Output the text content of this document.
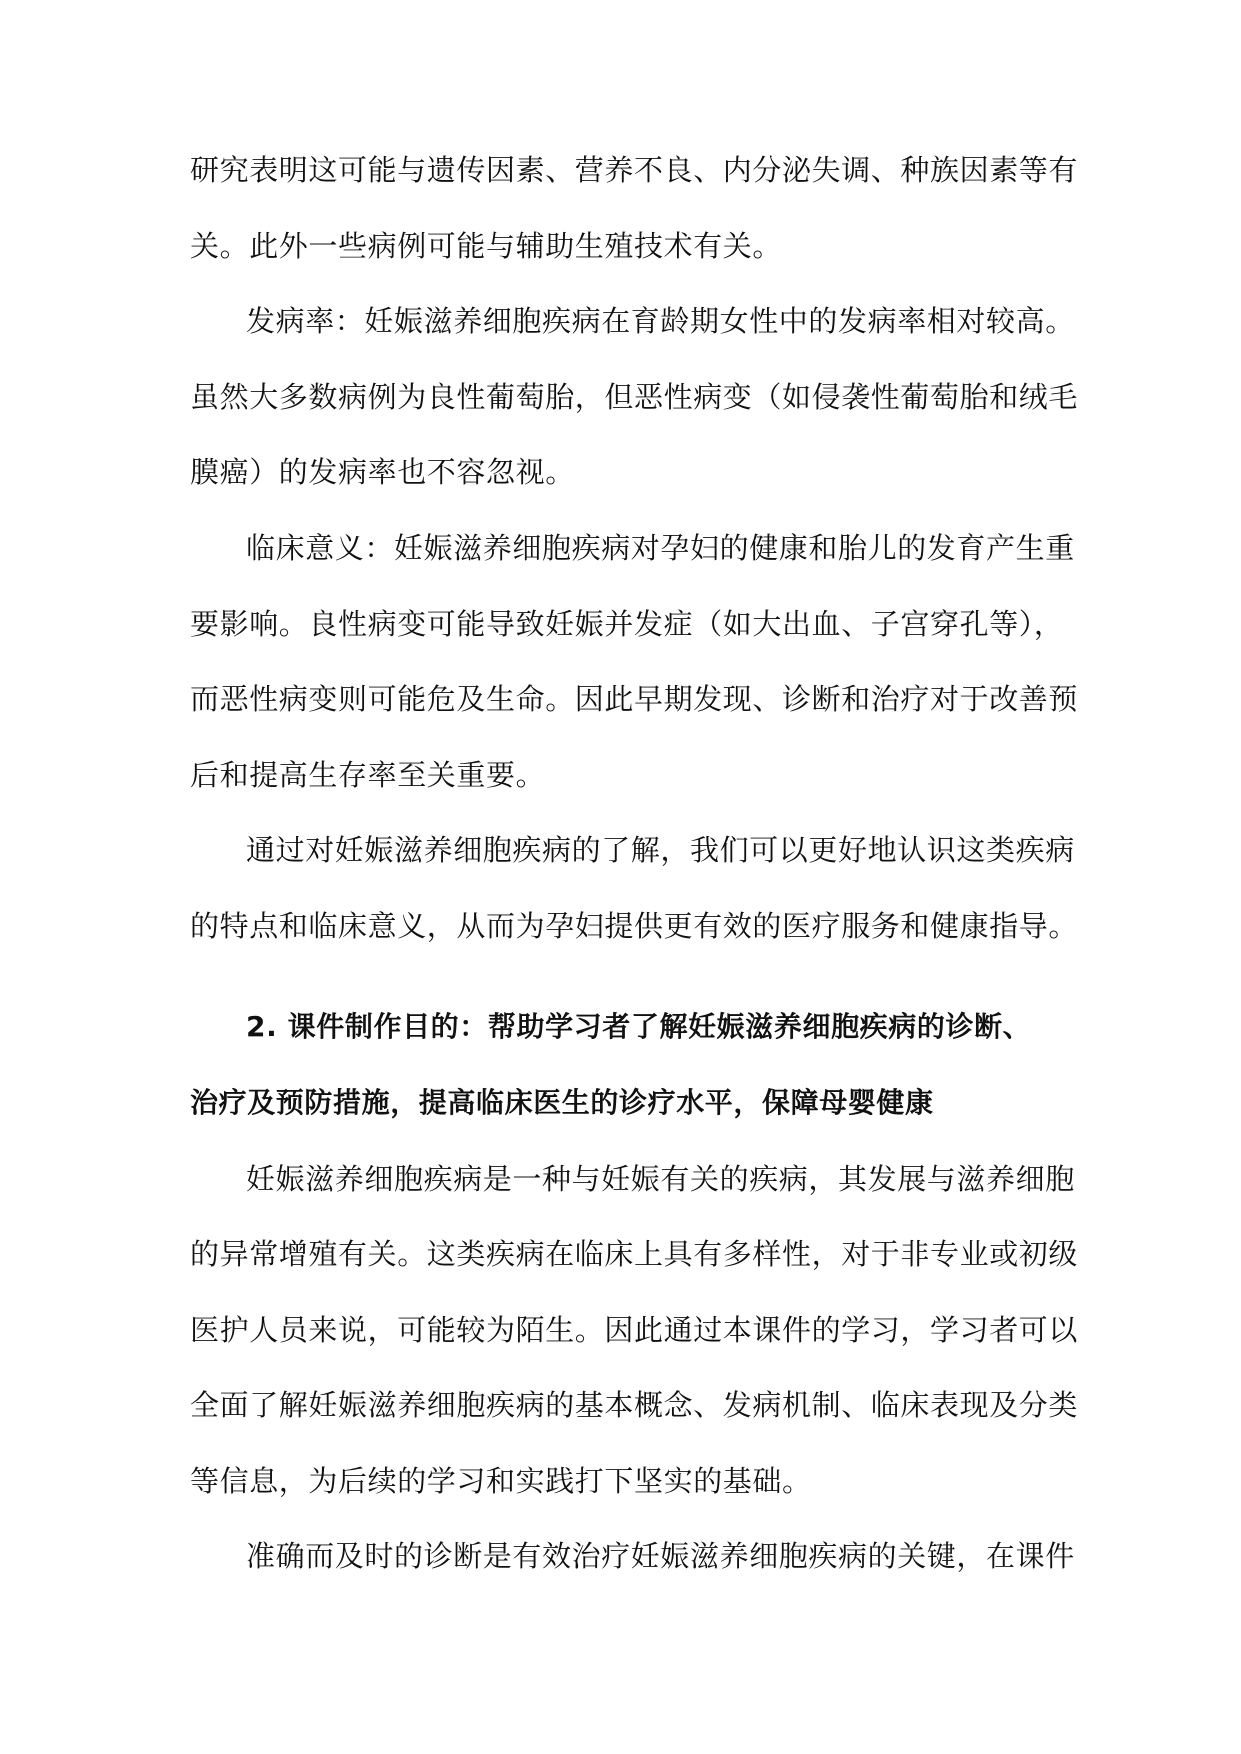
研究表明这可能与遗传因素、营养不良、内分泌失调、种族因素等有
关。此外一些病例可能与辅助生殖技术有关。
发病率：妊娠滋养细胞疾病在育龄期女性中的发病率相对较高。
虽然大多数病例为良性葡萄胎，但恶性病变（如侵袭性葡萄胎和绒毛
膜癌）的发病率也不容忽视。
临床意义：妊娠滋养细胞疾病对孕妇的健康和胎儿的发育产生重
要影响。良性病变可能导致妊娠并发症（如大出血、子宫穿孔等），
而恶性病变则可能危及生命。因此早期发现、诊断和治疗对于改善预
后和提高生存率至关重要。
通过对妊娠滋养细胞疾病的了解，我们可以更好地认识这类疾病
的特点和临床意义，从而为孕妇提供更有效的医疗服务和健康指导。
2. 课件制作目的：帮助学习者了解妊娠滋养细胞疾病的诊断、
治疗及预防措施，提高临床医生的诊疗水平，保障母婴健康
妊娠滋养细胞疾病是一种与妊娠有关的疾病，其发展与滋养细胞
的异常增殖有关。这类疾病在临床上具有多样性，对于非专业或初级
医护人员来说，可能较为陌生。因此通过本课件的学习，学习者可以
全面了解妊娠滋养细胞疾病的基本概念、发病机制、临床表现及分类
等信息，为后续的学习和实践打下坚实的基础。
准确而及时的诊断是有效治疗妊娠滋养细胞疾病的关键，在课件
